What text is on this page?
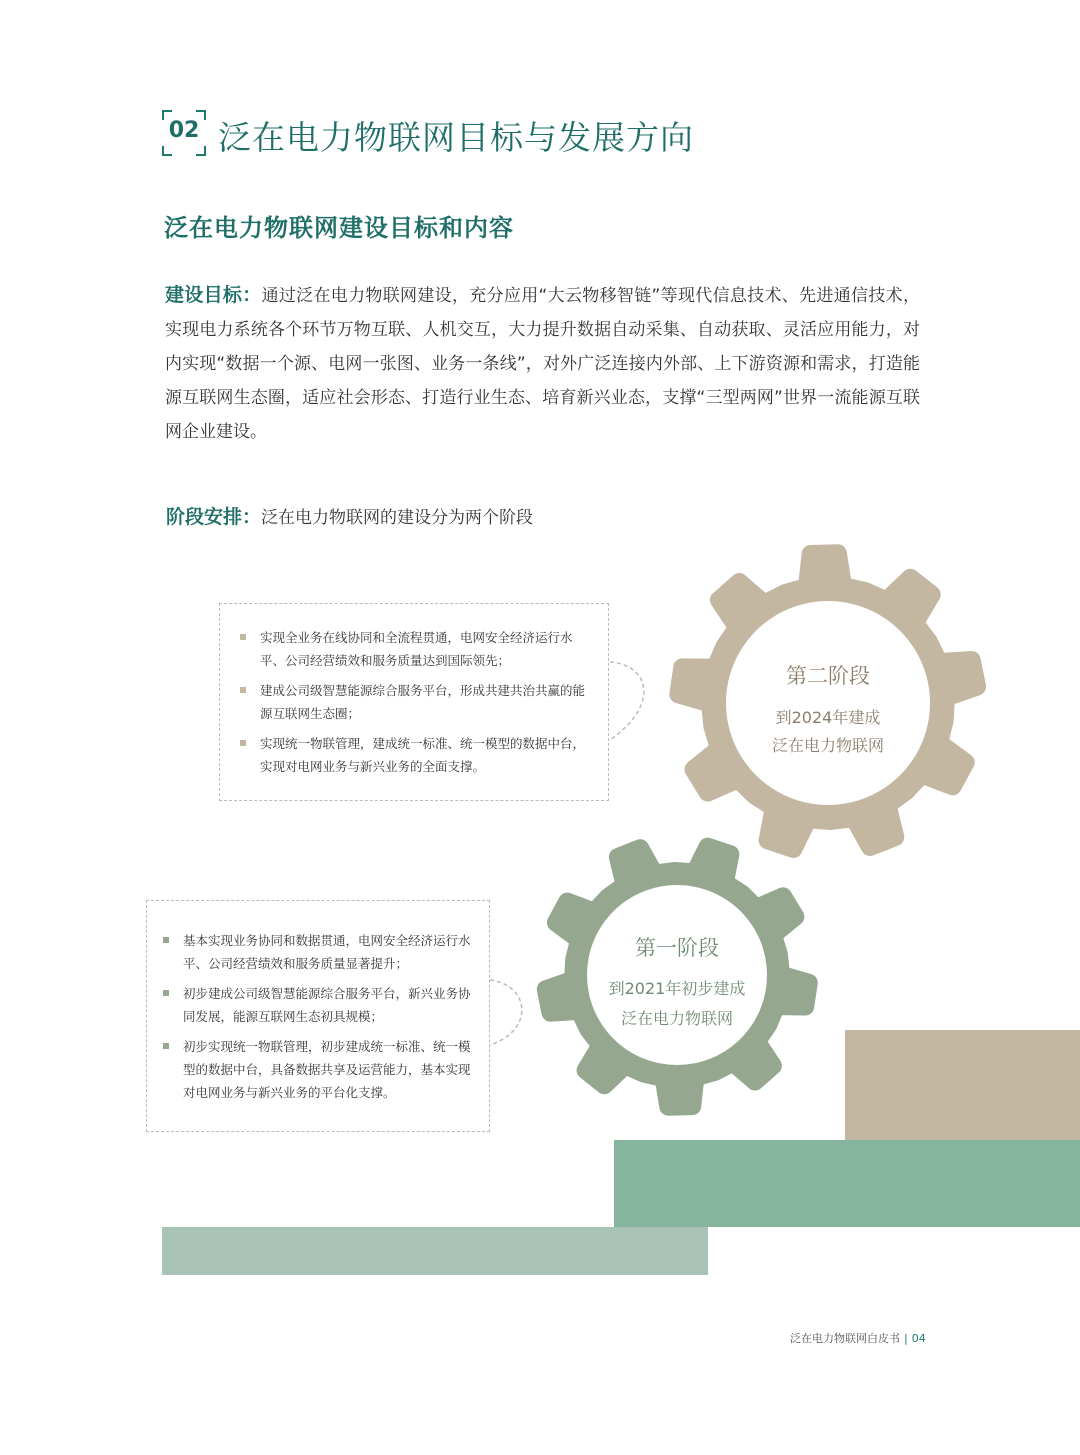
02 泛在电力物联网目标与发展方向
泛在电力物联网建设目标和内容
建设目标：通过泛在电力物联网建设，充分应用“大云物移智链”等现代信息技术、先进通信技术，实现电力系统各个环节万物互联、人机交互，大力提升数据自动采集、自动获取、灵活应用能力，对内实现“数据一个源、电网一张图、业务一条线”，对外广泛连接内外部、上下游资源和需求，打造能源互联网生态圈，适应社会形态、打造行业生态、培育新兴业态，支撑“三型两网”世界一流能源互联网企业建设。
阶段安排：泛在电力物联网的建设分为两个阶段
第二阶段
到2024年建成
泛在电力物联网
第一阶段
到2021年初步建成
泛在电力物联网
实现全业务在线协同和全流程贯通，电网安全经济运行水平、公司经营绩效和服务质量达到国际领先；
建成公司级智慧能源综合服务平台，形成共建共治共赢的能源互联网生态圈；
实现统一物联管理，建成统一标准、统一模型的数据中台，实现对电网业务与新兴业务的全面支撑。
基本实现业务协同和数据贯通，电网安全经济运行水平、公司经营绩效和服务质量显著提升；
初步建成公司级智慧能源综合服务平台，新兴业务协同发展，能源互联网生态初具规模；
初步实现统一物联管理，初步建成统一标准、统一模型的数据中台，具备数据共享及运营能力，基本实现对电网业务与新兴业务的平台化支撑。
泛在电力物联网白皮书 | 04
